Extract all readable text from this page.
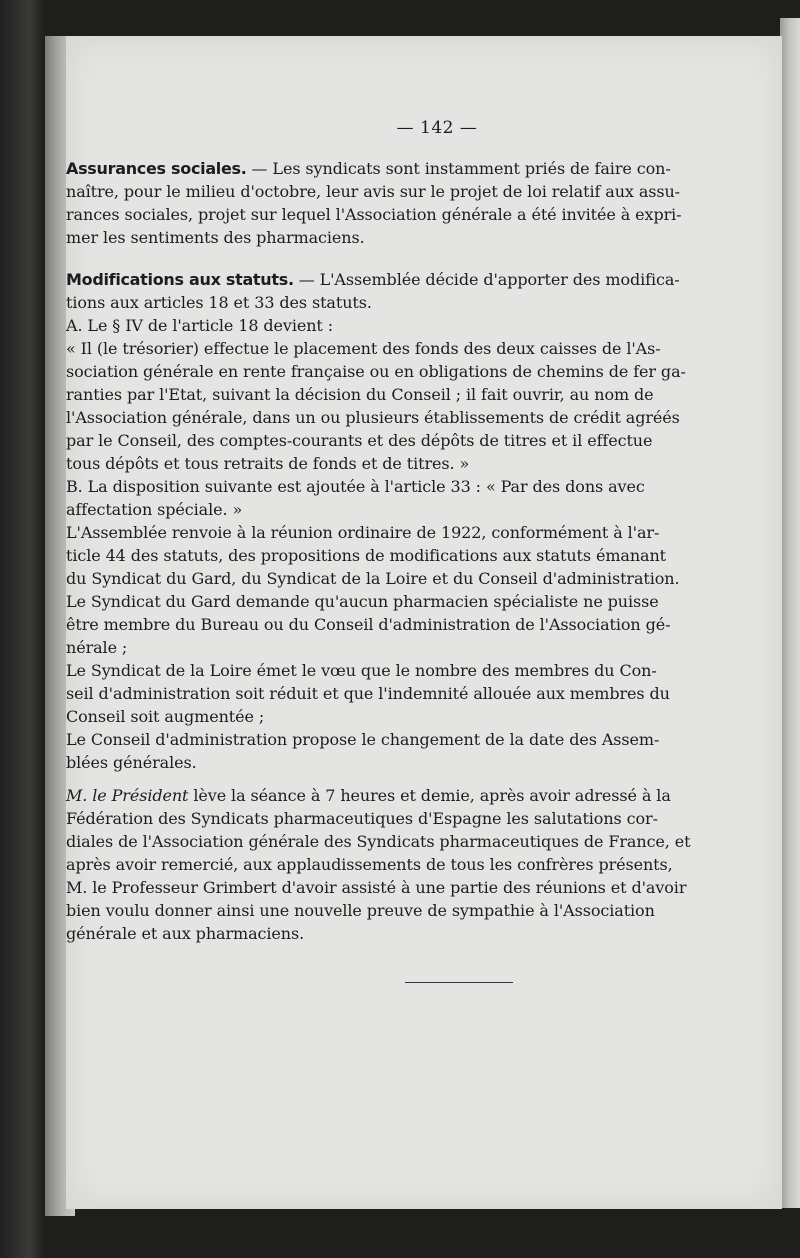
— 142 —
Assurances sociales. — Les syndicats sont instamment priés de faire con-
naître, pour le milieu d'octobre, leur avis sur le projet de loi relatif aux assu-
rances sociales, projet sur lequel l'Association générale a été invitée à expri-
mer les sentiments des pharmaciens.
Modifications aux statuts. — L'Assemblée décide d'apporter des modifica-
tions aux articles 18 et 33 des statuts.
A. Le § IV de l'article 18 devient :
« Il (le trésorier) effectue le placement des fonds des deux caisses de l'As-
sociation générale en rente française ou en obligations de chemins de fer ga-
ranties par l'Etat, suivant la décision du Conseil ; il fait ouvrir, au nom de
l'Association générale, dans un ou plusieurs établissements de crédit agréés
par le Conseil, des comptes-courants et des dépôts de titres et il effectue
tous dépôts et tous retraits de fonds et de titres. »
B. La disposition suivante est ajoutée à l'article 33 : « Par des dons avec
affectation spéciale. »
L'Assemblée renvoie à la réunion ordinaire de 1922, conformément à l'ar-
ticle 44 des statuts, des propositions de modifications aux statuts émanant
du Syndicat du Gard, du Syndicat de la Loire et du Conseil d'administration.
Le Syndicat du Gard demande qu'aucun pharmacien spécialiste ne puisse
être membre du Bureau ou du Conseil d'administration de l'Association gé-
nérale ;
Le Syndicat de la Loire émet le vœu que le nombre des membres du Con-
seil d'administration soit réduit et que l'indemnité allouée aux membres du
Conseil soit augmentée ;
Le Conseil d'administration propose le changement de la date des Assem-
blées générales.
M. le Président lève la séance à 7 heures et demie, après avoir adressé à la
Fédération des Syndicats pharmaceutiques d'Espagne les salutations cor-
diales de l'Association générale des Syndicats pharmaceutiques de France, et
après avoir remercié, aux applaudissements de tous les confrères présents,
M. le Professeur Grimbert d'avoir assisté à une partie des réunions et d'avoir
bien voulu donner ainsi une nouvelle preuve de sympathie à l'Association
générale et aux pharmaciens.
